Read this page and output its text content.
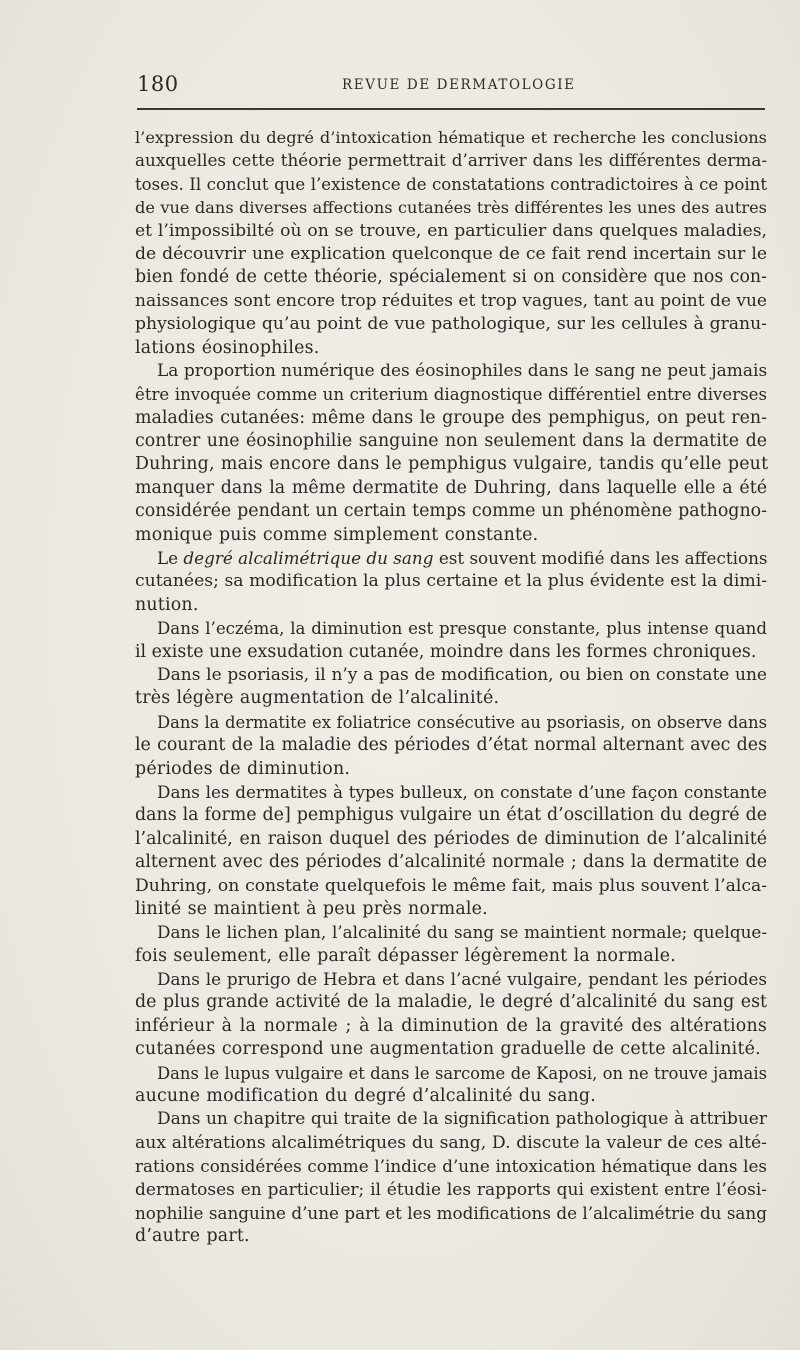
180	REVUE DE DERMATOLOGIE
l’expression du degré d’intoxication hématique et recherche les conclusions
auxquelles cette théorie permettrait d’arriver dans les différentes derma-
toses. Il conclut que l’existence de constatations contradictoires à ce point
de vue dans diverses affections cutanées très différentes les unes des autres
et l’impossibilté où on se trouve, en particulier dans quelques maladies,
de découvrir une explication quelconque de ce fait rend incertain sur le
bien fondé de cette théorie, spécialement si on considère que nos con-
naissances sont encore trop réduites et trop vagues, tant au point de vue
physiologique qu’au point de vue pathologique, sur les cellules à granu-
lations éosinophiles.
La proportion numérique des éosinophiles dans le sang ne peut jamais
être invoquée comme un criterium diagnostique différentiel entre diverses
maladies cutanées: même dans le groupe des pemphigus, on peut ren-
contrer une éosinophilie sanguine non seulement dans la dermatite de
Duhring, mais encore dans le pemphigus vulgaire, tandis qu’elle peut
manquer dans la même dermatite de Duhring, dans laquelle elle a été
considérée pendant un certain temps comme un phénomène pathogno-
monique puis comme simplement constante.
Le degré alcalimétrique du sang est souvent modifié dans les affections
cutanées; sa modification la plus certaine et la plus évidente est la dimi-
nution.
Dans l’eczéma, la diminution est presque constante, plus intense quand
il existe une exsudation cutanée, moindre dans les formes chroniques.
Dans le psoriasis, il n’y a pas de modification, ou bien on constate une
très légère augmentation de l’alcalinité.
Dans la dermatite ex foliatrice consécutive au psoriasis, on observe dans
le courant de la maladie des périodes d’état normal alternant avec des
périodes de diminution.
Dans les dermatites à types bulleux, on constate d’une façon constante
dans la forme de] pemphigus vulgaire un état d’oscillation du degré de
l’alcalinité, en raison duquel des périodes de diminution de l’alcalinité
alternent avec des périodes d’alcalinité normale ; dans la dermatite de
Duhring, on constate quelquefois le même fait, mais plus souvent l’alca-
linité se maintient à peu près normale.
Dans le lichen plan, l’alcalinité du sang se maintient normale; quelque-
fois seulement, elle paraît dépasser légèrement la normale.
Dans le prurigo de Hebra et dans l’acné vulgaire, pendant les périodes
de plus grande activité de la maladie, le degré d’alcalinité du sang est
inférieur à la normale ; à la diminution de la gravité des altérations
cutanées correspond une augmentation graduelle de cette alcalinité.
Dans le lupus vulgaire et dans le sarcome de Kaposi, on ne trouve jamais
aucune modification du degré d’alcalinité du sang.
Dans un chapitre qui traite de la signification pathologique à attribuer
aux altérations alcalimétriques du sang, D. discute la valeur de ces alté-
rations considérées comme l’indice d’une intoxication hématique dans les
dermatoses en particulier; il étudie les rapports qui existent entre l’éosi-
nophilie sanguine d’une part et les modifications de l’alcalimétrie du sang
d’autre part.
